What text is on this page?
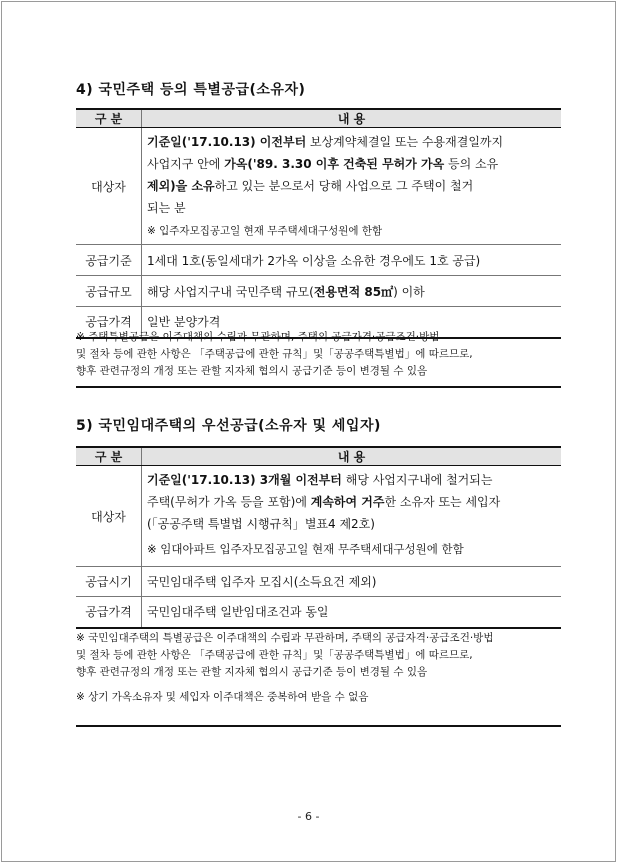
4) 국민주택 등의 특별공급(소유자)
구 분	내 용
대상자	기준일('17.10.13) 이전부터 보상계약체결일 또는 수용재결일까지
사업지구 안에 가옥('89. 3.30 이후 건축된 무허가 가옥 등의 소유
제외)을 소유하고 있는 분으로서 당해 사업으로 그 주택이 철거
되는 분
※ 입주자모집공고일 현재 무주택세대구성원에 한함

공급기준	1세대 1호(동일세대가 2가옥 이상을 소유한 경우에도 1호 공급)
공급규모	해당 사업지구내 국민주택 규모(전용면적 85㎡) 이하
공급가격	일반 분양가격
※ 주택특별공급은 이주대책의 수립과 무관하며, 주택의 공급자격·공급조건·방법
및 절차 등에 관한 사항은 「주택공급에 관한 규칙」및「공공주택특별법」에 따르므로,
향후 관련규정의 개정 또는 관할 지자체 협의시 공급기준 등이 변경될 수 있음
5) 국민임대주택의 우선공급(소유자 및 세입자)
구 분	내 용
대상자	기준일('17.10.13) 3개월 이전부터 해당 사업지구내에 철거되는
주택(무허가 가옥 등을 포함)에 계속하여 거주한 소유자 또는 세입자
(「공공주택 특별법 시행규칙」별표4 제2호)
※ 임대아파트 입주자모집공고일 현재 무주택세대구성원에 한함

공급시기	국민임대주택 입주자 모집시(소득요건 제외)
공급가격	국민임대주택 일반임대조건과 동일
※ 국민임대주택의 특별공급은 이주대책의 수립과 무관하며, 주택의 공급자격·공급조건·방법
및 절차 등에 관한 사항은 「주택공급에 관한 규칙」및「공공주택특별법」에 따르므로,
향후 관련규정의 개정 또는 관할 지자체 협의시 공급기준 등이 변경될 수 있음
※ 상기 가옥소유자 및 세입자 이주대책은 중복하여 받을 수 없음
- 6 -
